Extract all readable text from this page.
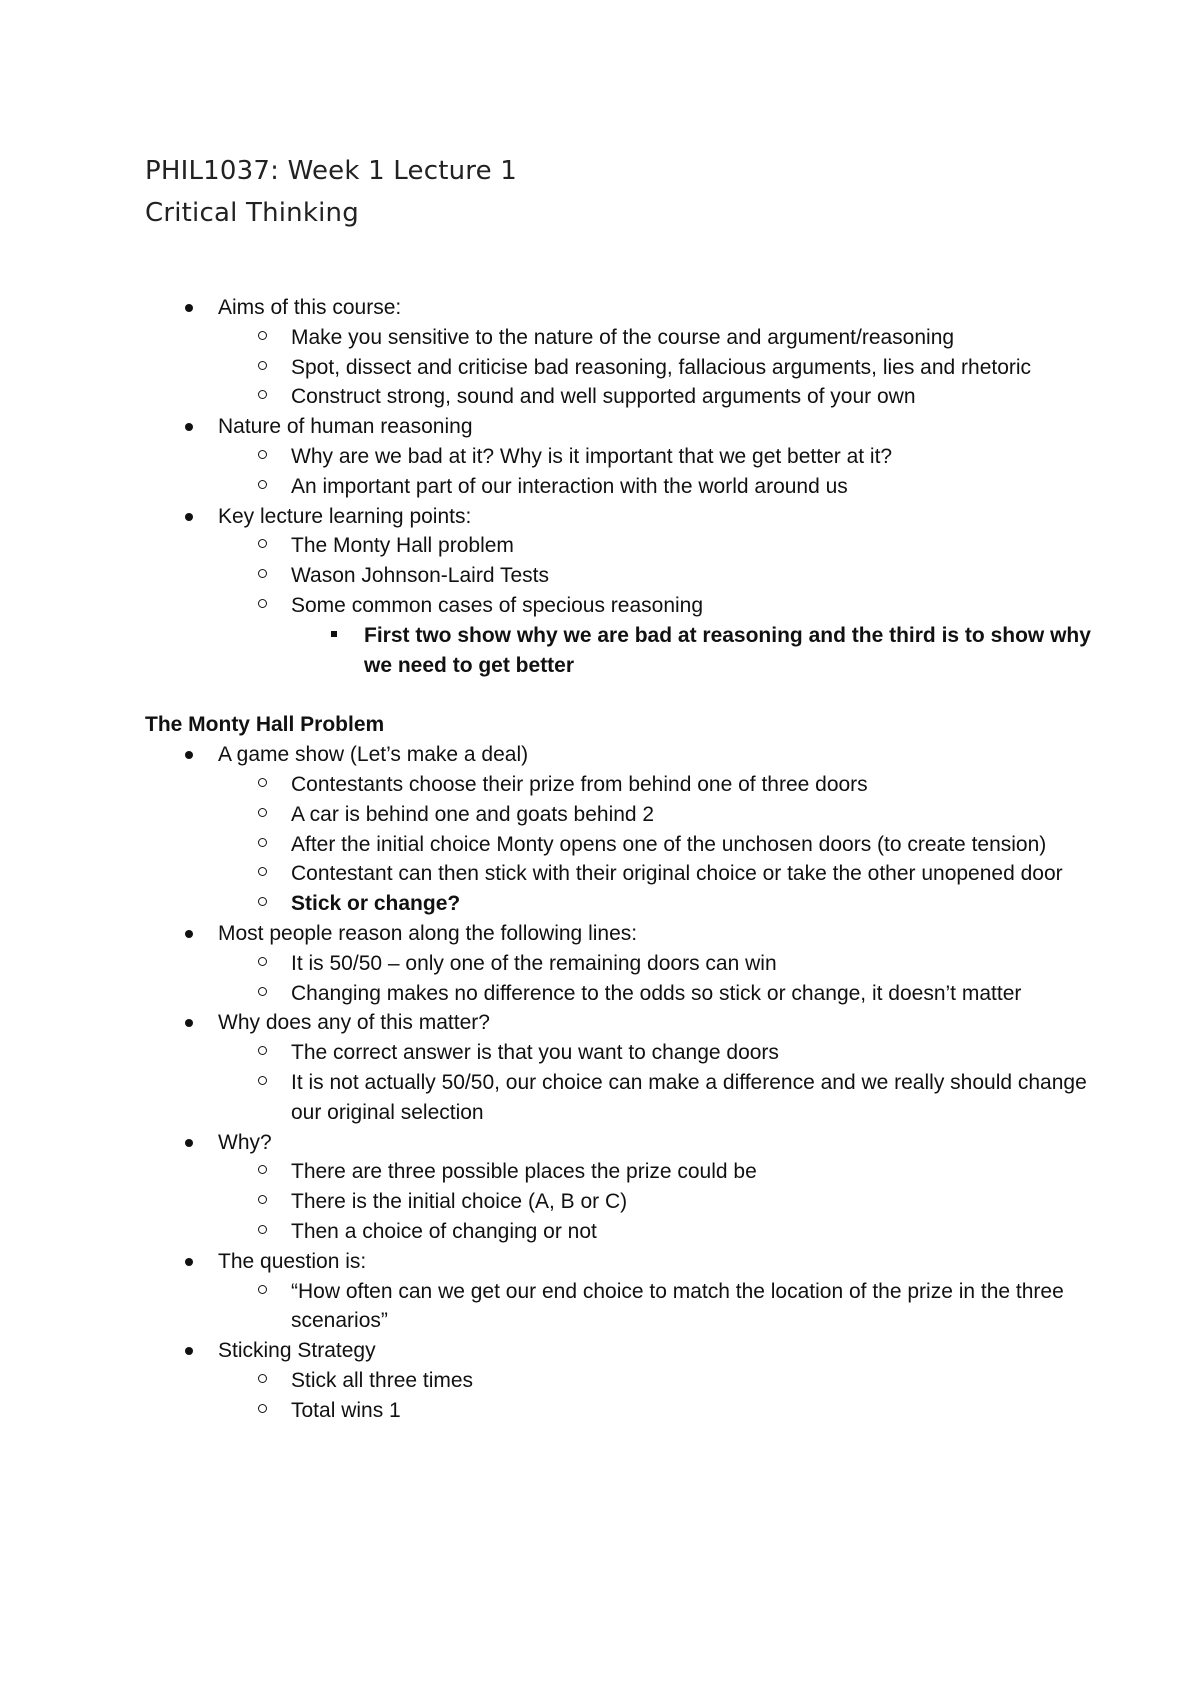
PHIL1037: Week 1 Lecture 1
Critical Thinking
Aims of this course:
Make you sensitive to the nature of the course and argument/reasoning
Spot, dissect and criticise bad reasoning, fallacious arguments, lies and rhetoric
Construct strong, sound and well supported arguments of your own
Nature of human reasoning
Why are we bad at it? Why is it important that we get better at it?
An important part of our interaction with the world around us
Key lecture learning points:
The Monty Hall problem
Wason Johnson-Laird Tests
Some common cases of specious reasoning
First two show why we are bad at reasoning and the third is to show why we need to get better
The Monty Hall Problem
A game show (Let’s make a deal)
Contestants choose their prize from behind one of three doors
A car is behind one and goats behind 2
After the initial choice Monty opens one of the unchosen doors (to create tension)
Contestant can then stick with their original choice or take the other unopened door
Stick or change?
Most people reason along the following lines:
It is 50/50 – only one of the remaining doors can win
Changing makes no difference to the odds so stick or change, it doesn’t matter
Why does any of this matter?
The correct answer is that you want to change doors
It is not actually 50/50, our choice can make a difference and we really should change our original selection
Why?
There are three possible places the prize could be
There is the initial choice (A, B or C)
Then a choice of changing or not
The question is:
“How often can we get our end choice to match the location of the prize in the three scenarios”
Sticking Strategy
Stick all three times
Total wins 1
